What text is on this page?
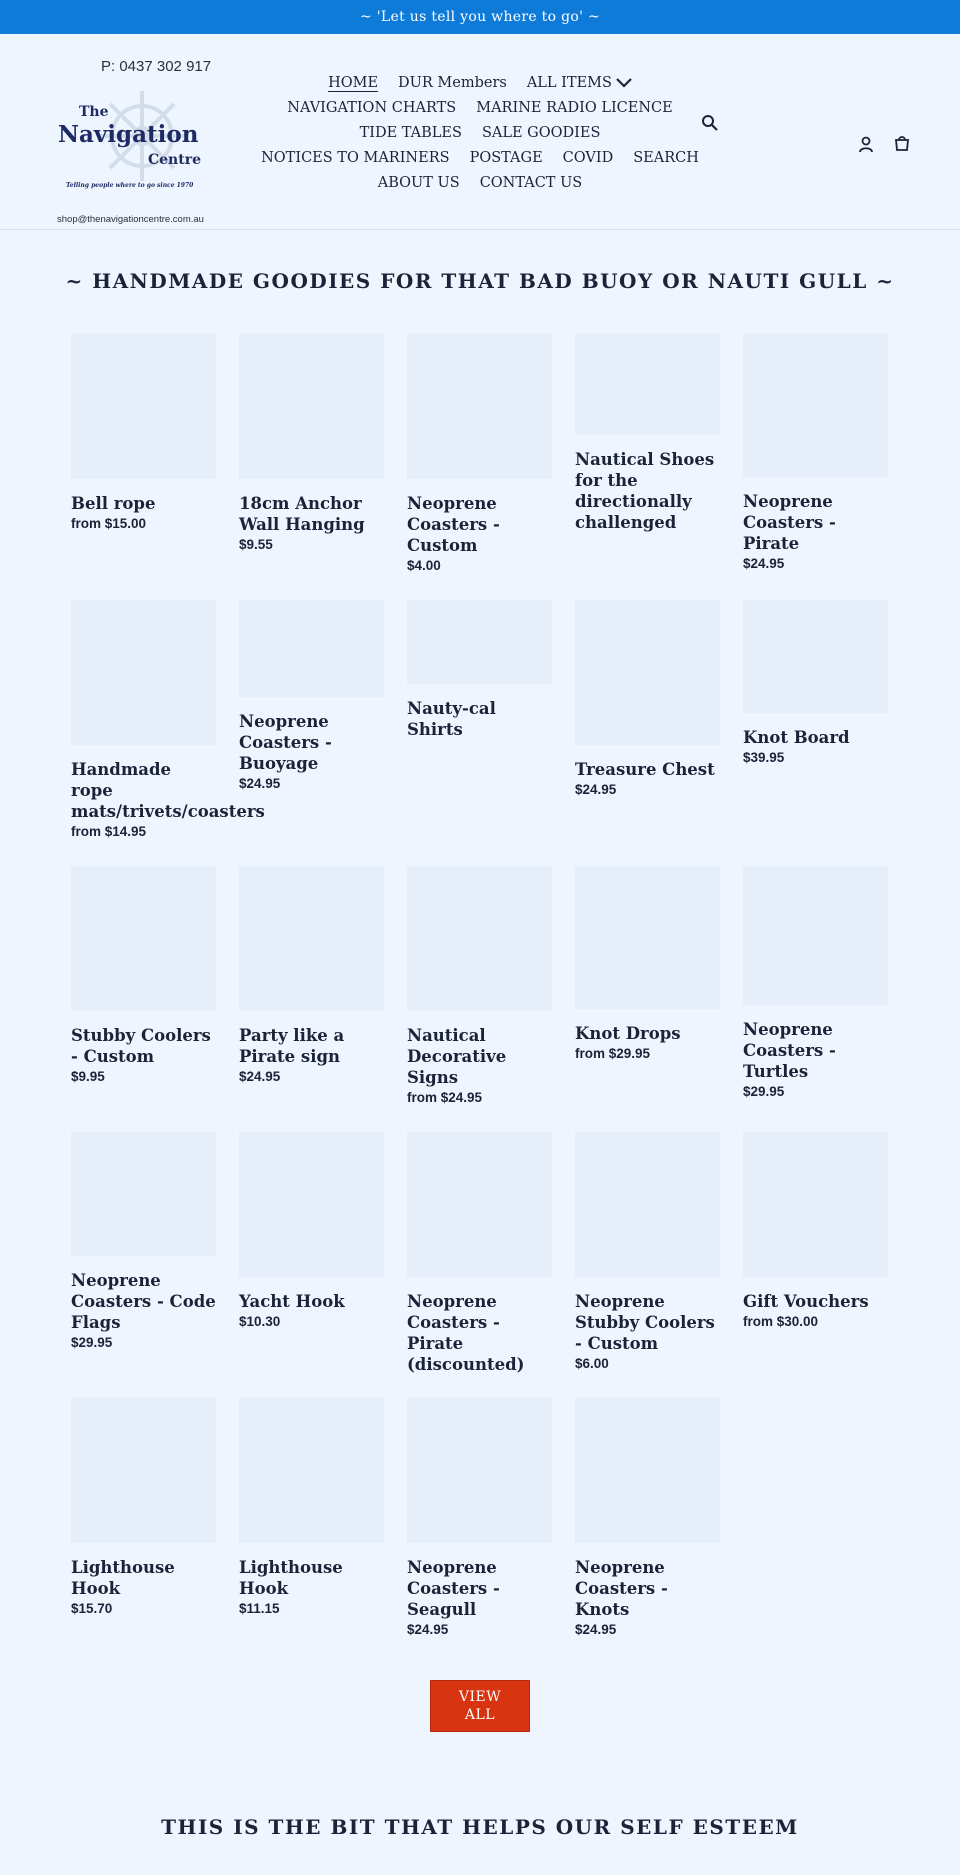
~ 'Let us tell you where to go' ~
P: 0437 302 917
The
Navigation
Centre
Telling people where to go since 1970
shop@thenavigationcentre.com.au
HOME DUR Members ALL ITEMS
NAVIGATION CHARTS MARINE RADIO LICENCE
TIDE TABLES SALE GOODIES
NOTICES TO MARINERS POSTAGE COVID SEARCH
ABOUT US CONTACT US
~ HANDMADE GOODIES FOR THAT BAD BUOY OR NAUTI GULL ~
Bell rope
from $15.00
18cm Anchor Wall Hanging
$9.55
Neoprene Coasters - Custom
$4.00
Nautical Shoes for the directionally challenged
Neoprene Coasters - Pirate
$24.95
Handmade rope mats/trivets/coasters
from $14.95
Neoprene Coasters - Buoyage
$24.95
Nauty-cal Shirts
Treasure Chest
$24.95
Knot Board
$39.95
Stubby Coolers - Custom
$9.95
Party like a Pirate sign
$24.95
Nautical Decorative Signs
from $24.95
Knot Drops
from $29.95
Neoprene Coasters - Turtles
$29.95
Neoprene Coasters - Code Flags
$29.95
Yacht Hook
$10.30
Neoprene Coasters - Pirate (discounted)
Neoprene Stubby Coolers - Custom
$6.00
Gift Vouchers
from $30.00
Lighthouse Hook
$15.70
Lighthouse Hook
$11.15
Neoprene Coasters - Seagull
$24.95
Neoprene Coasters - Knots
$24.95
VIEW
ALL
THIS IS THE BIT THAT HELPS OUR SELF ESTEEM
